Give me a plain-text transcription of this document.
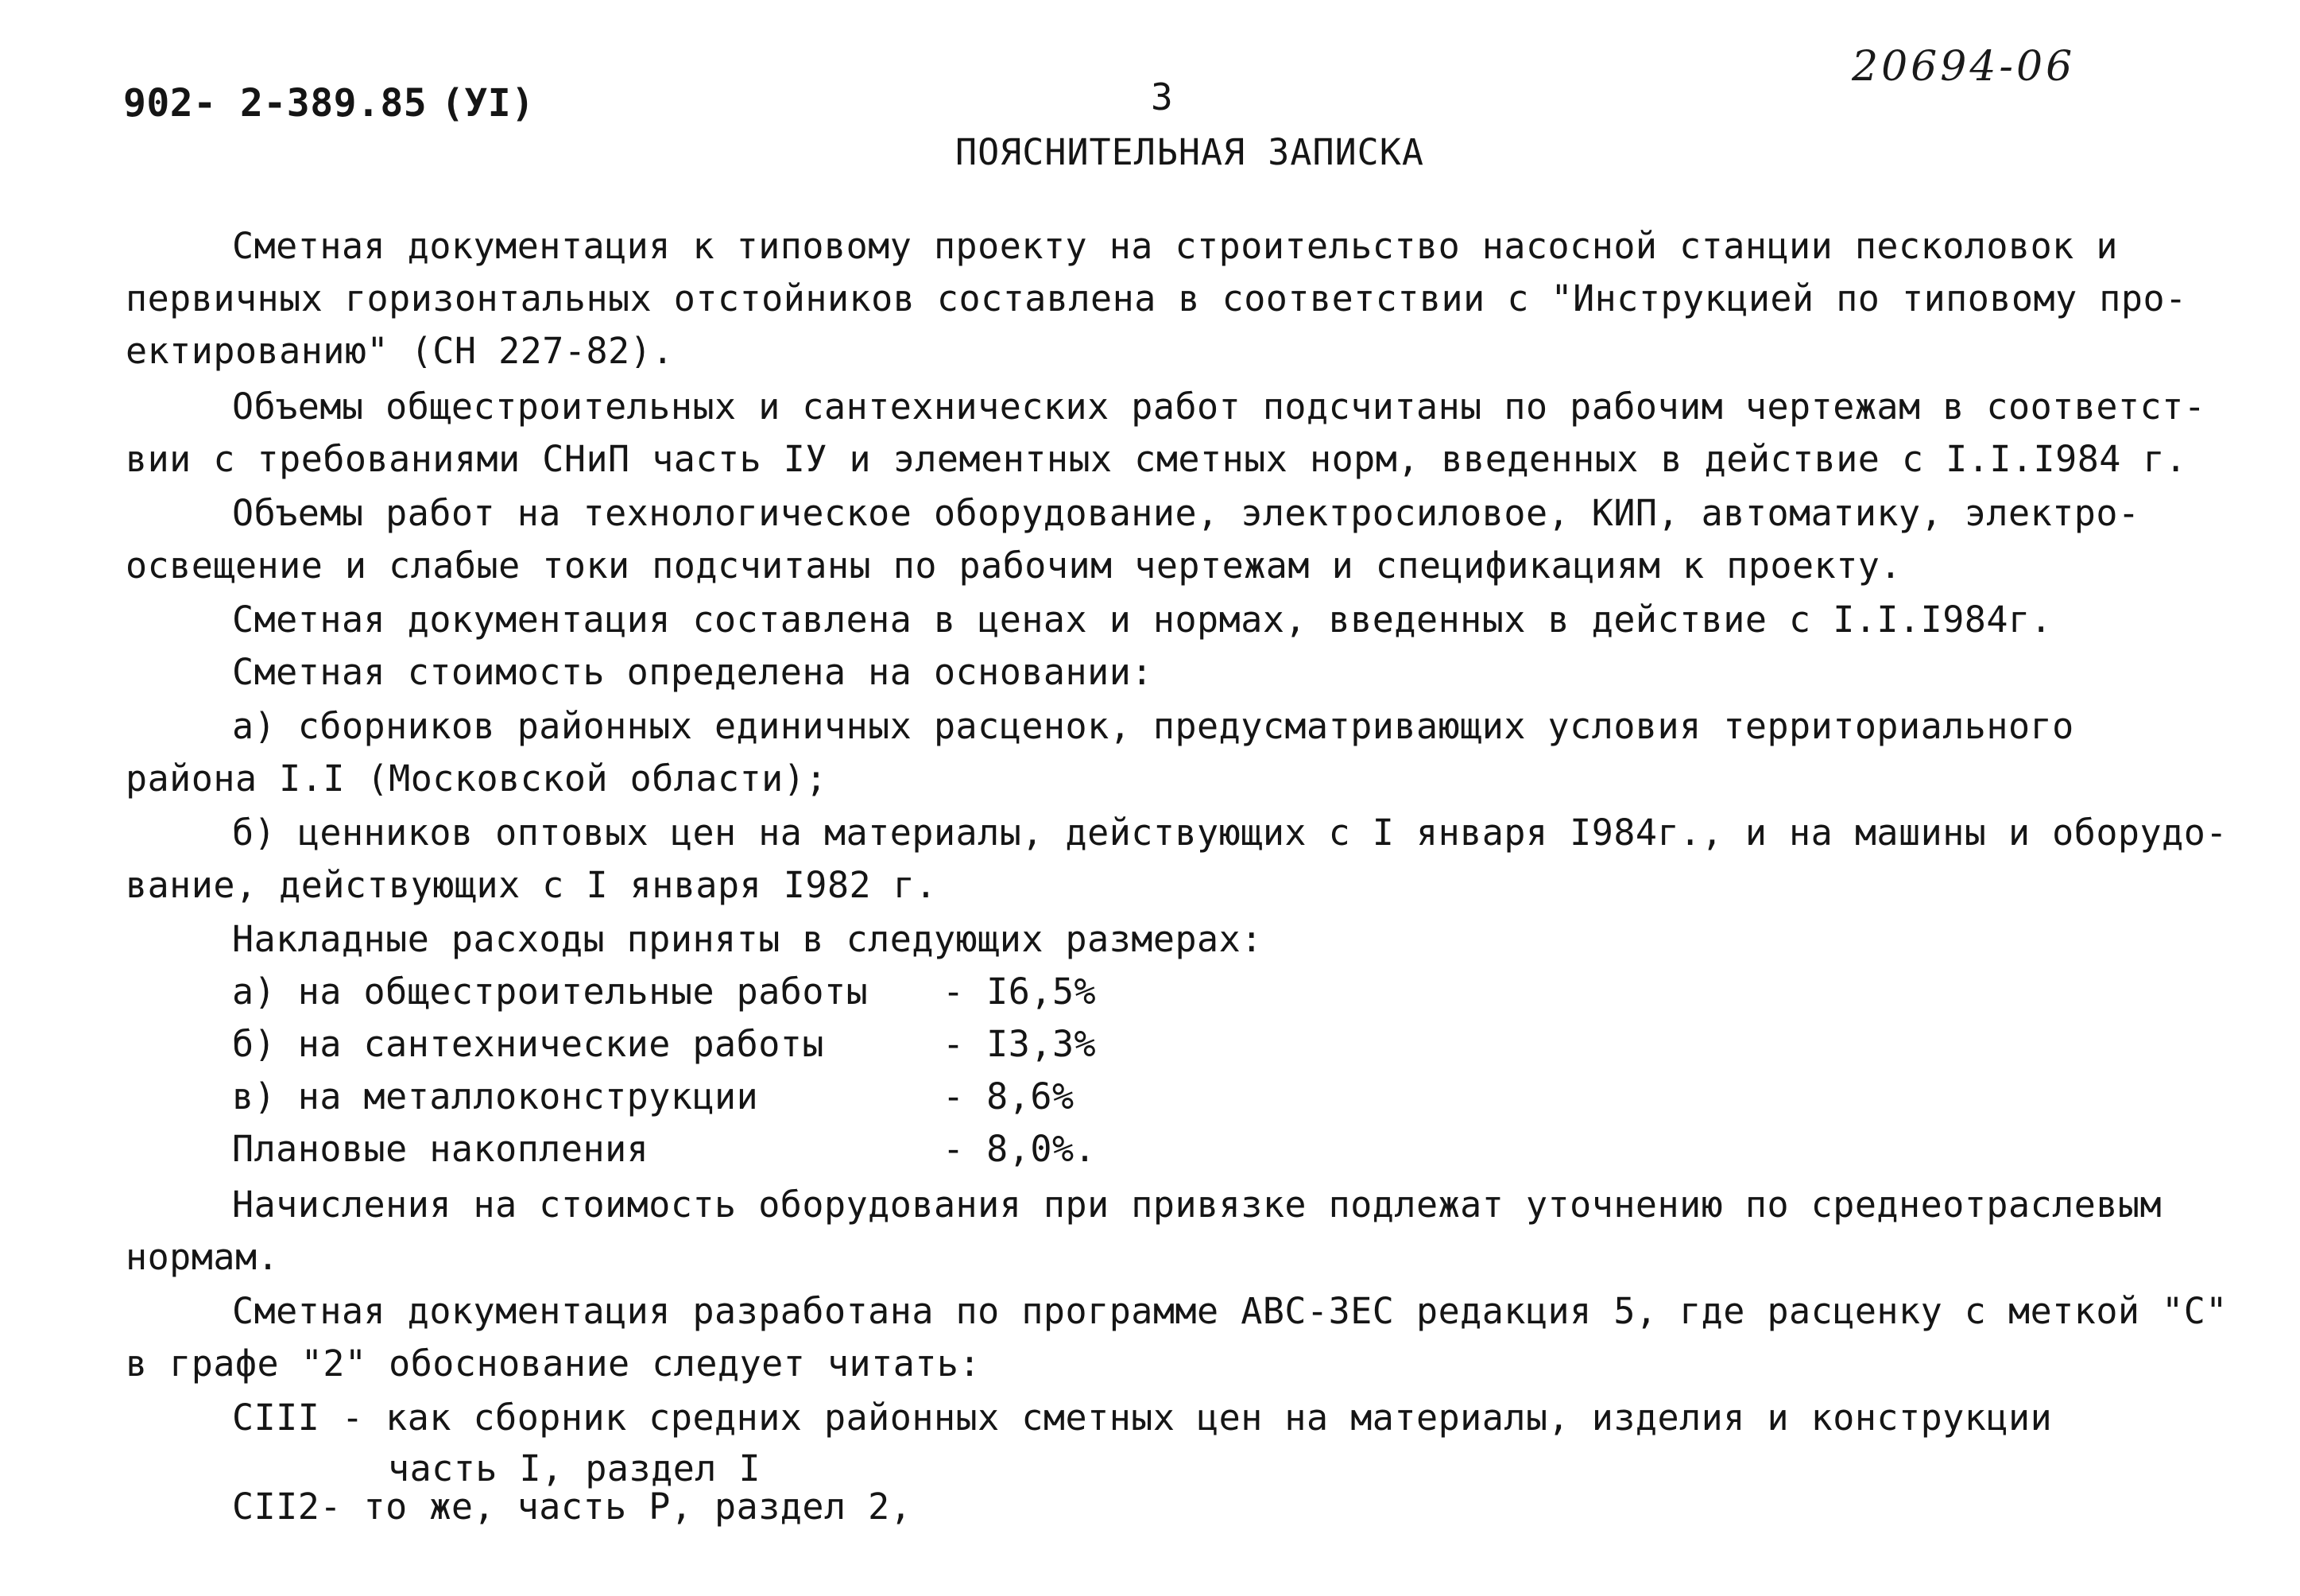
902- 2-389.85 (УI)	3
20694-06
ПОЯСНИТЕЛЬНАЯ ЗАПИСКА
Сметная документация к типовому проекту на строительство насосной станции песколовок и
первичных горизонтальных отстойников составлена в соответствии с "Инструкцией по типовому про-
ектированию" (СН 227-82).
Объемы общестроительных и сантехнических работ подсчитаны по рабочим чертежам в соответст-
вии с требованиями СНиП часть IУ и элементных сметных норм, введенных в действие с I.I.I984 г.
Объемы работ на технологическое оборудование, электросиловое, КИП, автоматику, электро-
освещение и слабые токи подсчитаны по рабочим чертежам и спецификациям к проекту.
Сметная документация составлена в ценах и нормах, введенных в действие с I.I.I984г.
Сметная стоимость определена на основании:
а) сборников районных единичных расценок, предусматривающих условия территориального
района I.I (Московской области);
б) ценников оптовых цен на материалы, действующих с I января I984г., и на машины и оборудо-
вание, действующих с I января I982 г.
Накладные расходы приняты в следующих размерах:
а) на общестроительные работы - I6,5%
б) на сантехнические работы	- I3,3%
в) на металлоконструкции	- 8,6%
Плановые накопления	- 8,0%.
Начисления на стоимость оборудования при привязке подлежат уточнению по среднеотраслевым
нормам.
Сметная документация разработана по программе АВС-3ЕС редакция 5, где расценку с меткой "С"
в графе "2" обоснование следует читать:
CIII - как сборник средних районных сметных цен на материалы, изделия и конструкции
часть I, раздел I
CII2- то же, часть P, раздел 2,
